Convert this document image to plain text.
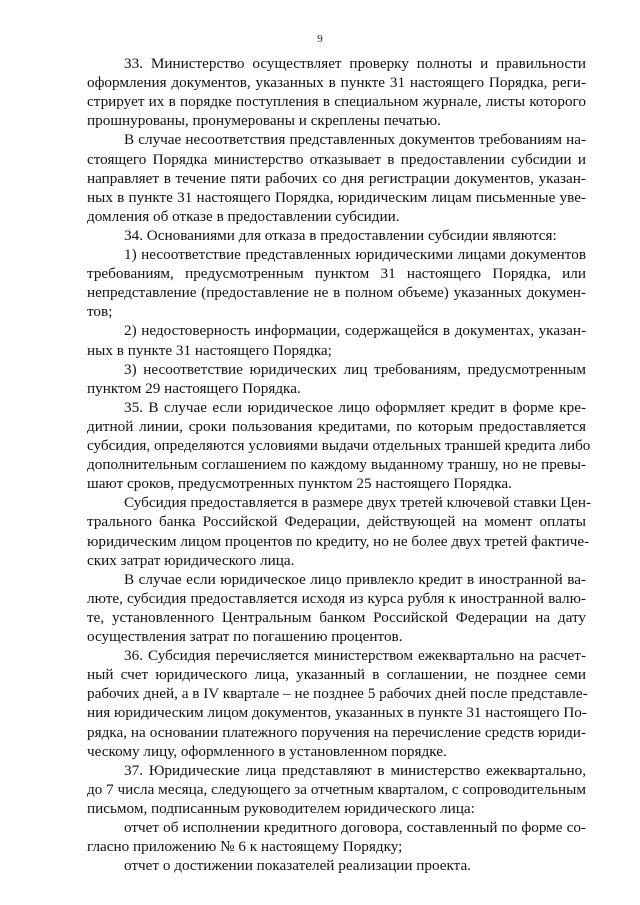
9
33. Министерство осуществляет проверку полноты и правильности
оформления документов, указанных в пункте 31 настоящего Порядка, реги-
стрирует их в порядке поступления в специальном журнале, листы которого
прошнурованы, пронумерованы и скреплены печатью.
В случае несоответствия представленных документов требованиям на-
стоящего Порядка министерство отказывает в предоставлении субсидии и
направляет в течение пяти рабочих со дня регистрации документов, указан-
ных в пункте 31 настоящего Порядка, юридическим лицам письменные уве-
домления об отказе в предоставлении субсидии.
34. Основаниями для отказа в предоставлении субсидии являются:
1) несоответствие представленных юридическими лицами документов
требованиям, предусмотренным пунктом 31 настоящего Порядка, или
непредставление (предоставление не в полном объеме) указанных докумен-
тов;
2) недостоверность информации, содержащейся в документах, указан-
ных в пункте 31 настоящего Порядка;
3) несоответствие юридических лиц требованиям, предусмотренным
пунктом 29 настоящего Порядка.
35. В случае если юридическое лицо оформляет кредит в форме кре-
дитной линии, сроки пользования кредитами, по которым предоставляется
субсидия, определяются условиями выдачи отдельных траншей кредита либо
дополнительным соглашением по каждому выданному траншу, но не превы-
шают сроков, предусмотренных пунктом 25 настоящего Порядка.
Субсидия предоставляется в размере двух третей ключевой ставки Цен-
трального банка Российской Федерации, действующей на момент оплаты
юридическим лицом процентов по кредиту, но не более двух третей фактиче-
ских затрат юридического лица.
В случае если юридическое лицо привлекло кредит в иностранной ва-
люте, субсидия предоставляется исходя из курса рубля к иностранной валю-
те, установленного Центральным банком Российской Федерации на дату
осуществления затрат по погашению процентов.
36. Субсидия перечисляется министерством ежеквартально на расчет-
ный счет юридического лица, указанный в соглашении, не позднее семи
рабочих дней, а в IV квартале – не позднее 5 рабочих дней после представле-
ния юридическим лицом документов, указанных в пункте 31 настоящего По-
рядка, на основании платежного поручения на перечисление средств юриди-
ческому лицу, оформленного в установленном порядке.
37. Юридические лица представляют в министерство ежеквартально,
до 7 числа месяца, следующего за отчетным кварталом, с сопроводительным
письмом, подписанным руководителем юридического лица:
отчет об исполнении кредитного договора, составленный по форме со-
гласно приложению № 6 к настоящему Порядку;
отчет о достижении показателей реализации проекта.
